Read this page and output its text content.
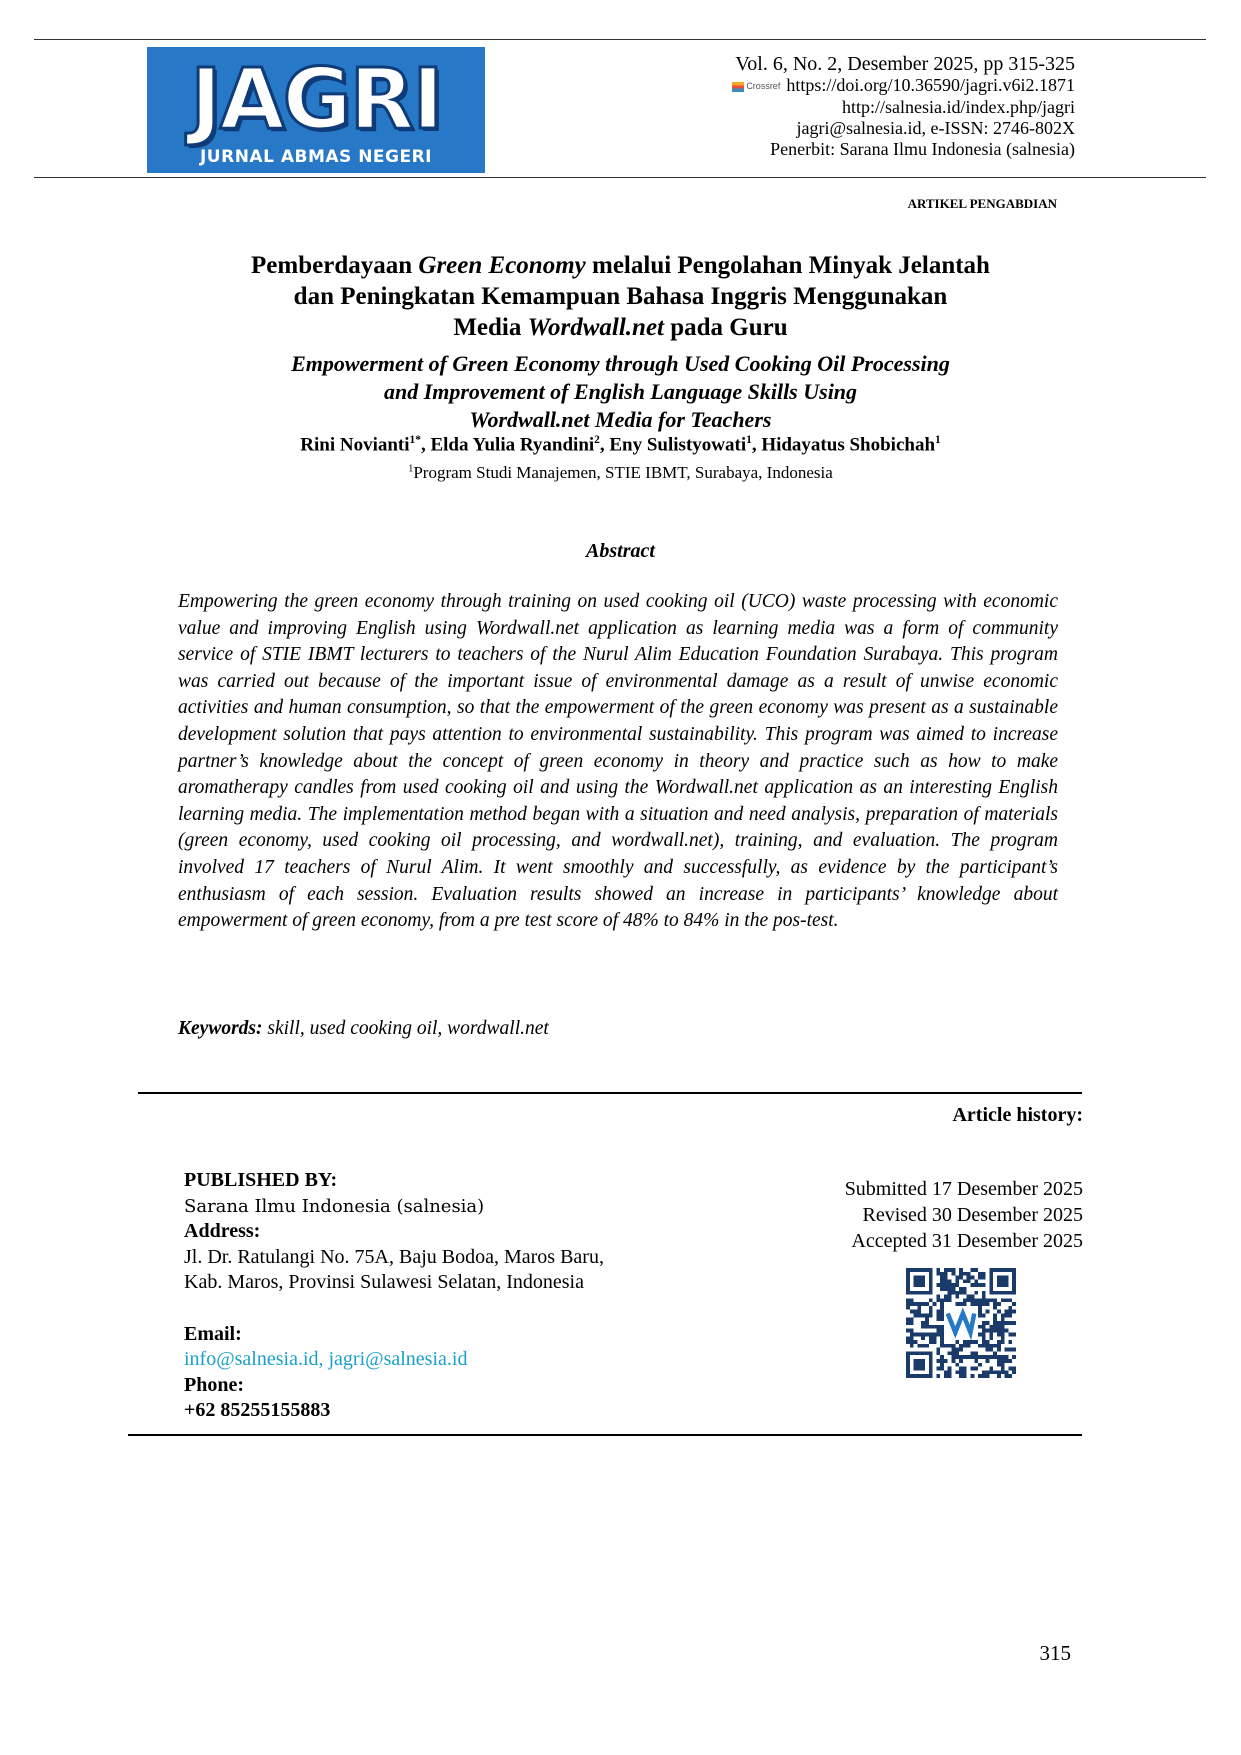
JAGRI
JURNAL ABMAS NEGERI
Vol. 6, No. 2, Desember 2025, pp 315-325
Crossref https://doi.org/10.36590/jagri.v6i2.1871
http://salnesia.id/index.php/jagri
jagri@salnesia.id, e-ISSN: 2746-802X
Penerbit: Sarana Ilmu Indonesia (salnesia)
ARTIKEL PENGABDIAN
Pemberdayaan Green Economy melalui Pengolahan Minyak Jelantah
dan Peningkatan Kemampuan Bahasa Inggris Menggunakan
Media Wordwall.net pada Guru
Empowerment of Green Economy through Used Cooking Oil Processing
and Improvement of English Language Skills Using
Wordwall.net Media for Teachers
Rini Novianti$^{1*}$, Elda Yulia Ryandini$^2$, Eny Sulistyowati$^1$, Hidayatus Shobichah$^1$
$^1$Program Studi Manajemen, STIE IBMT, Surabaya, Indonesia
Abstract
Empowering the green economy through training on used cooking oil (UCO) waste processing with economic value and improving English using Wordwall.net application as learning media was a form of community service of STIE IBMT lecturers to teachers of the Nurul Alim Education Foundation Surabaya. This program was carried out because of the important issue of environmental damage as a result of unwise economic activities and human consumption, so that the empowerment of the green economy was present as a sustainable development solution that pays attention to environmental sustainability. This program was aimed to increase partner’s knowledge about the concept of green economy in theory and practice such as how to make aromatherapy candles from used cooking oil and using the Wordwall.net application as an interesting English learning media. The implementation method began with a situation and need analysis, preparation of materials (green economy, used cooking oil processing, and wordwall.net), training, and evaluation. The program involved 17 teachers of Nurul Alim. It went smoothly and successfully, as evidence by the participant’s enthusiasm of each session. Evaluation results showed an increase in participants’ knowledge about empowerment of green economy, from a pre test score of 48% to 84% in the pos-test.
Keywords: skill, used cooking oil, wordwall.net
Article history:
PUBLISHED BY:
Sarana Ilmu Indonesia (salnesia)
Address:
Jl. Dr. Ratulangi No. 75A, Baju Bodoa, Maros Baru,
Kab. Maros, Provinsi Sulawesi Selatan, Indonesia
Email:
info@salnesia.id, jagri@salnesia.id
Phone:
+62 85255155883
Submitted 17 Desember 2025
Revised 30 Desember 2025
Accepted 31 Desember 2025
315
